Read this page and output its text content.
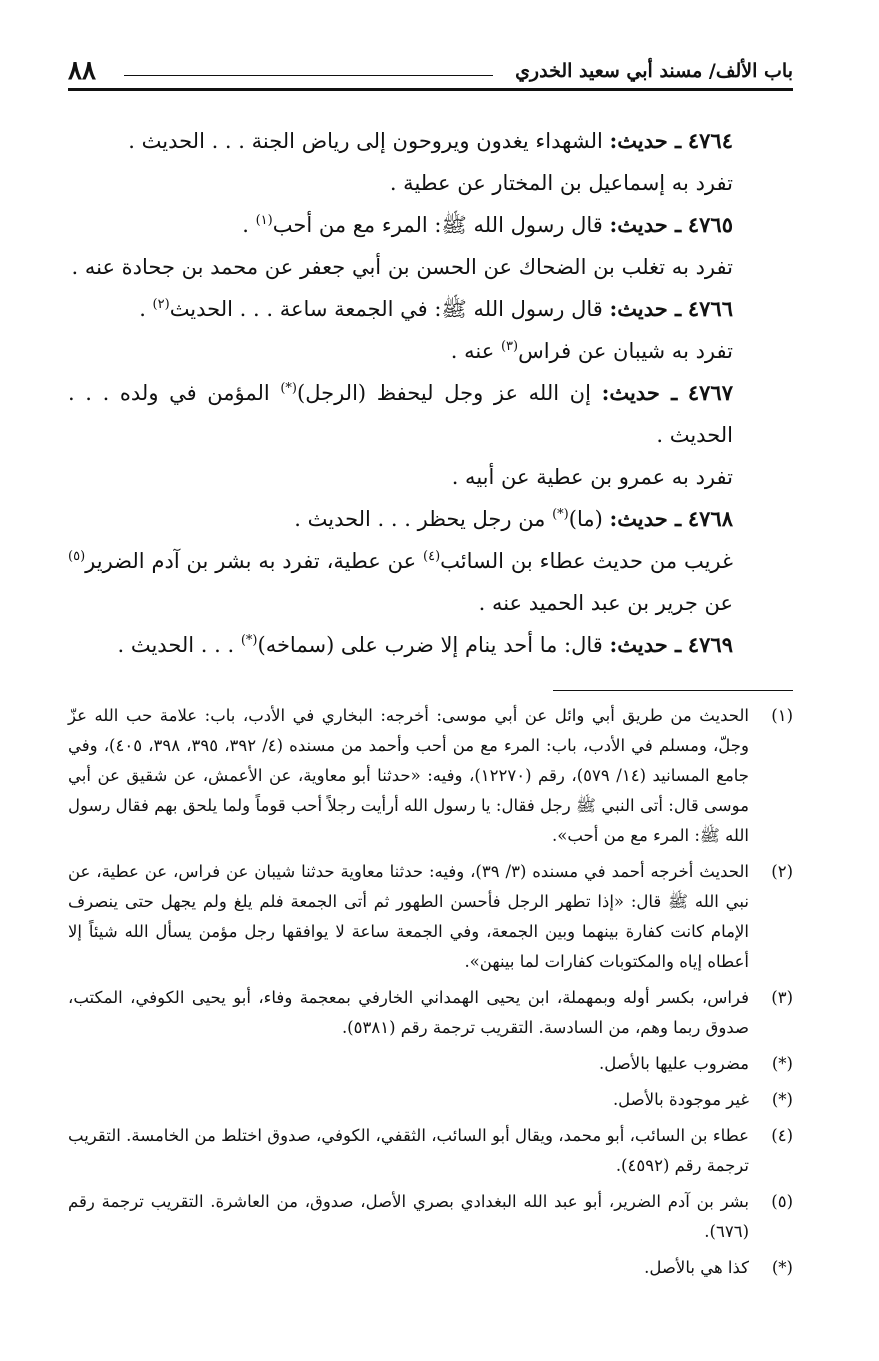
باب الألف/ مسند أبي سعيد الخدري
٨٨

٤٧٦٤ ـ حديث: الشهداء يغدون ويروحون إلى رياض الجنة . . . الحديث .

تفرد به إسماعيل بن المختار عن عطية .

٤٧٦٥ ـ حديث: قال رسول الله ﷺ: المرء مع من أحب$^{(١)}$ .

تفرد به تغلب بن الضحاك عن الحسن بن أبي جعفر عن محمد بن جحادة عنه .

٤٧٦٦ ـ حديث: قال رسول الله ﷺ: في الجمعة ساعة . . . الحديث$^{(٢)}$ .

تفرد به شيبان عن فراس$^{(٣)}$ عنه .

٤٧٦٧ ـ حديث: إن الله عز وجل ليحفظ (الرجل)(*) المؤمن في ولده . . . الحديث .

تفرد به عمرو بن عطية عن أبيه .

٤٧٦٨ ـ حديث: (ما)(*) من رجل يحظر . . . الحديث .

غريب من حديث عطاء بن السائب$^{(٤)}$ عن عطية، تفرد به بشر بن آدم الضرير$^{(٥)}$ عن جرير بن عبد الحميد عنه .

٤٧٦٩ ـ حديث: قال: ما أحد ينام إلا ضرب على (سماخه)(*) . . . الحديث .

(١)
الحديث من طريق أبي وائل عن أبي موسى: أخرجه: البخاري في الأدب، باب: علامة حب الله عزّ وجلّ، ومسلم في الأدب، باب: المرء مع من أحب وأحمد من مسنده (٤/ ٣٩٢، ٣٩٥، ٣٩٨، ٤٠٥)، وفي جامع المسانيد (١٤/ ٥٧٩)، رقم (١٢٢٧٠)، وفيه: «حدثنا أبو معاوية، عن الأعمش، عن شقيق عن أبي موسى قال: أتى النبي ﷺ رجل فقال: يا رسول الله أرأيت رجلاً أحب قوماً ولما يلحق بهم فقال رسول الله ﷺ: المرء مع من أحب».
(٢)
الحديث أخرجه أحمد في مسنده (٣/ ٣٩)، وفيه: حدثنا معاوية حدثنا شيبان عن فراس، عن عطية، عن نبي الله ﷺ قال: «إذا تطهر الرجل فأحسن الطهور ثم أتى الجمعة فلم يلغ ولم يجهل حتى ينصرف الإمام كانت كفارة بينهما وبين الجمعة، وفي الجمعة ساعة لا يوافقها رجل مؤمن يسأل الله شيئاً إلا أعطاه إياه والمكتوبات كفارات لما بينهن».
(٣)
فراس، بكسر أوله وبمهملة، ابن يحيى الهمداني الخارفي بمعجمة وفاء، أبو يحيى الكوفي، المكتب، صدوق ربما وهم، من السادسة. التقريب ترجمة رقم (٥٣٨١).
(*)
مضروب عليها بالأصل.
(*)
غير موجودة بالأصل.
(٤)
عطاء بن السائب، أبو محمد، ويقال أبو السائب، الثقفي، الكوفي، صدوق اختلط من الخامسة. التقريب ترجمة رقم (٤٥٩٢).
(٥)
بشر بن آدم الضرير، أبو عبد الله البغدادي بصري الأصل، صدوق، من العاشرة. التقريب ترجمة رقم (٦٧٦).
(*)
كذا هي بالأصل.
